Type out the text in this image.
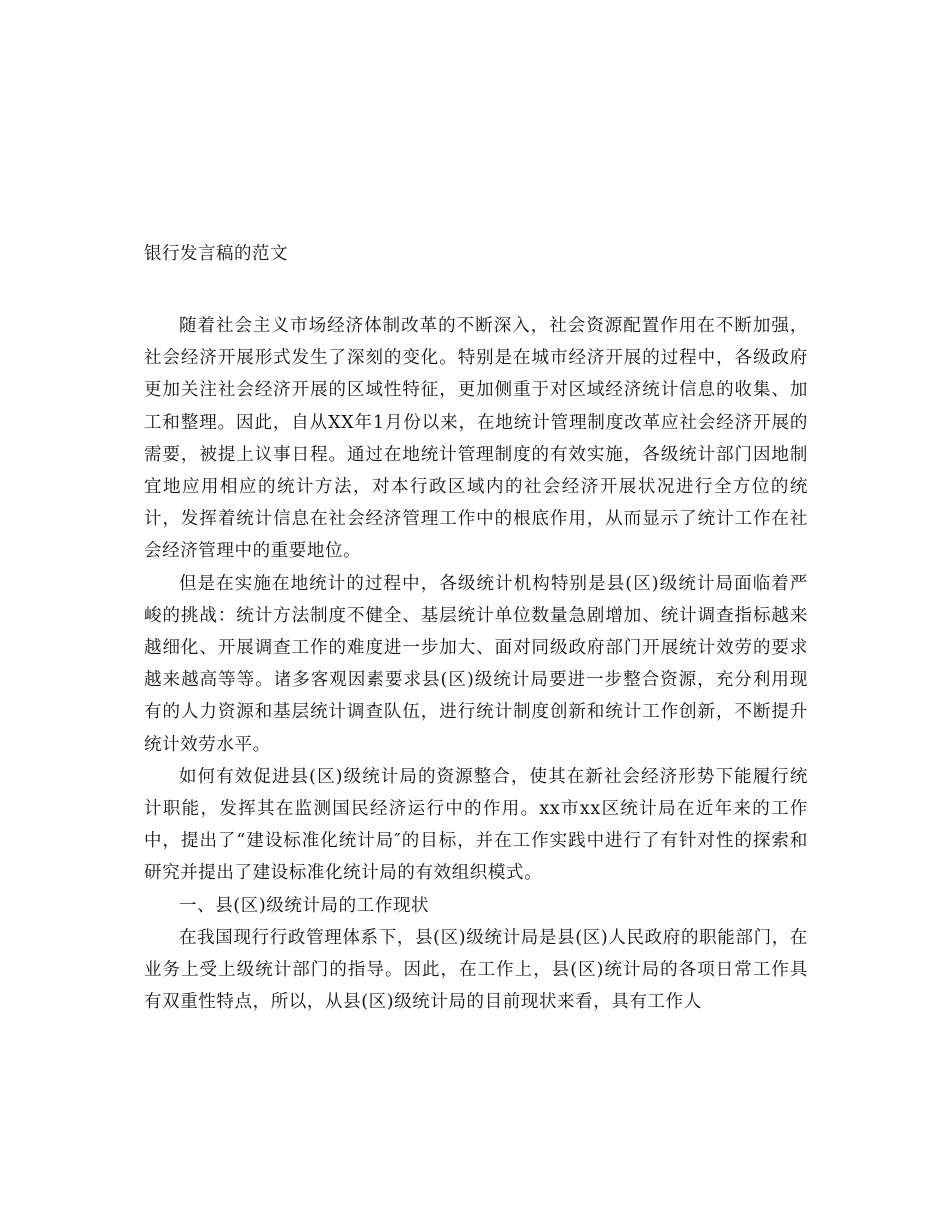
银行发言稿的范文

随着社会主义市场经济体制改革的不断深入，社会资源配置作用在不断加强，社会经济开展形式发生了深刻的变化。特别是在城市经济开展的过程中，各级政府更加关注社会经济开展的区域性特征，更加侧重于对区域经济统计信息的收集、加工和整理。因此，自从XX年1月份以来，在地统计管理制度改革应社会经济开展的需要，被提上议事日程。通过在地统计管理制度的有效实施，各级统计部门因地制宜地应用相应的统计方法，对本行政区域内的社会经济开展状况进行全方位的统计，发挥着统计信息在社会经济管理工作中的根底作用，从而显示了统计工作在社会经济管理中的重要地位。

但是在实施在地统计的过程中，各级统计机构特别是县(区)级统计局面临着严峻的挑战：统计方法制度不健全、基层统计单位数量急剧增加、统计调查指标越来越细化、开展调查工作的难度进一步加大、面对同级政府部门开展统计效劳的要求越来越高等等。诸多客观因素要求县(区)级统计局要进一步整合资源，充分利用现有的人力资源和基层统计调查队伍，进行统计制度创新和统计工作创新，不断提升统计效劳水平。

如何有效促进县(区)级统计局的资源整合，使其在新社会经济形势下能履行统计职能，发挥其在监测国民经济运行中的作用。xx市xx区统计局在近年来的工作中，提出了“建设标准化统计局″的目标，并在工作实践中进行了有针对性的探索和研究并提出了建设标准化统计局的有效组织模式。

一、县(区)级统计局的工作现状

在我国现行行政管理体系下，县(区)级统计局是县(区)人民政府的职能部门，在业务上受上级统计部门的指导。因此，在工作上，县(区)统计局的各项日常工作具有双重性特点，所以，从县(区)级统计局的目前现状来看，具有工作人
